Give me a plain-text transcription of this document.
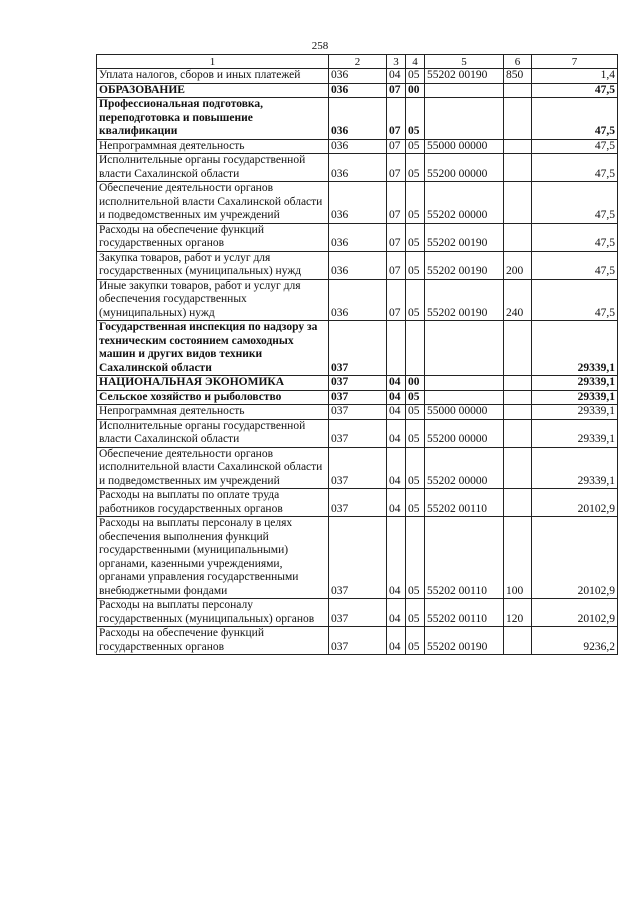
258
1	2	3	4	5	6	7
Уплата налогов, сборов и иных платежей	036	04	05	55202 00190	850	1,4
ОБРАЗОВАНИЕ	036	07	00			47,5
Профессиональная подготовка, переподготовка и повышение квалификации	036	07	05			47,5
Непрограммная деятельность	036	07	05	55000 00000		47,5
Исполнительные органы государственной власти Сахалинской области	036	07	05	55200 00000		47,5
Обеспечение деятельности органов исполнительной власти Сахалинской области и подведомственных им учреждений	036	07	05	55202 00000		47,5
Расходы на обеспечение функций государственных органов	036	07	05	55202 00190		47,5
Закупка товаров, работ и услуг для государственных (муниципальных) нужд	036	07	05	55202 00190	200	47,5
Иные закупки товаров, работ и услуг для обеспечения государственных (муниципальных) нужд	036	07	05	55202 00190	240	47,5
Государственная инспекция по надзору за техническим состоянием самоходных машин и других видов техники Сахалинской области	037					29339,1
НАЦИОНАЛЬНАЯ ЭКОНОМИКА	037	04	00			29339,1
Сельское хозяйство и рыболовство	037	04	05			29339,1
Непрограммная деятельность	037	04	05	55000 00000		29339,1
Исполнительные органы государственной власти Сахалинской области	037	04	05	55200 00000		29339,1
Обеспечение деятельности органов исполнительной власти Сахалинской области и подведомственных им учреждений	037	04	05	55202 00000		29339,1
Расходы на выплаты по оплате труда работников государственных органов	037	04	05	55202 00110		20102,9
Расходы на выплаты персоналу в целях обеспечения выполнения функций государственными (муниципальными) органами, казенными учреждениями, органами управления государственными внебюджетными фондами	037	04	05	55202 00110	100	20102,9
Расходы на выплаты персоналу государственных (муниципальных) органов	037	04	05	55202 00110	120	20102,9
Расходы на обеспечение функций государственных органов	037	04	05	55202 00190		9236,2
